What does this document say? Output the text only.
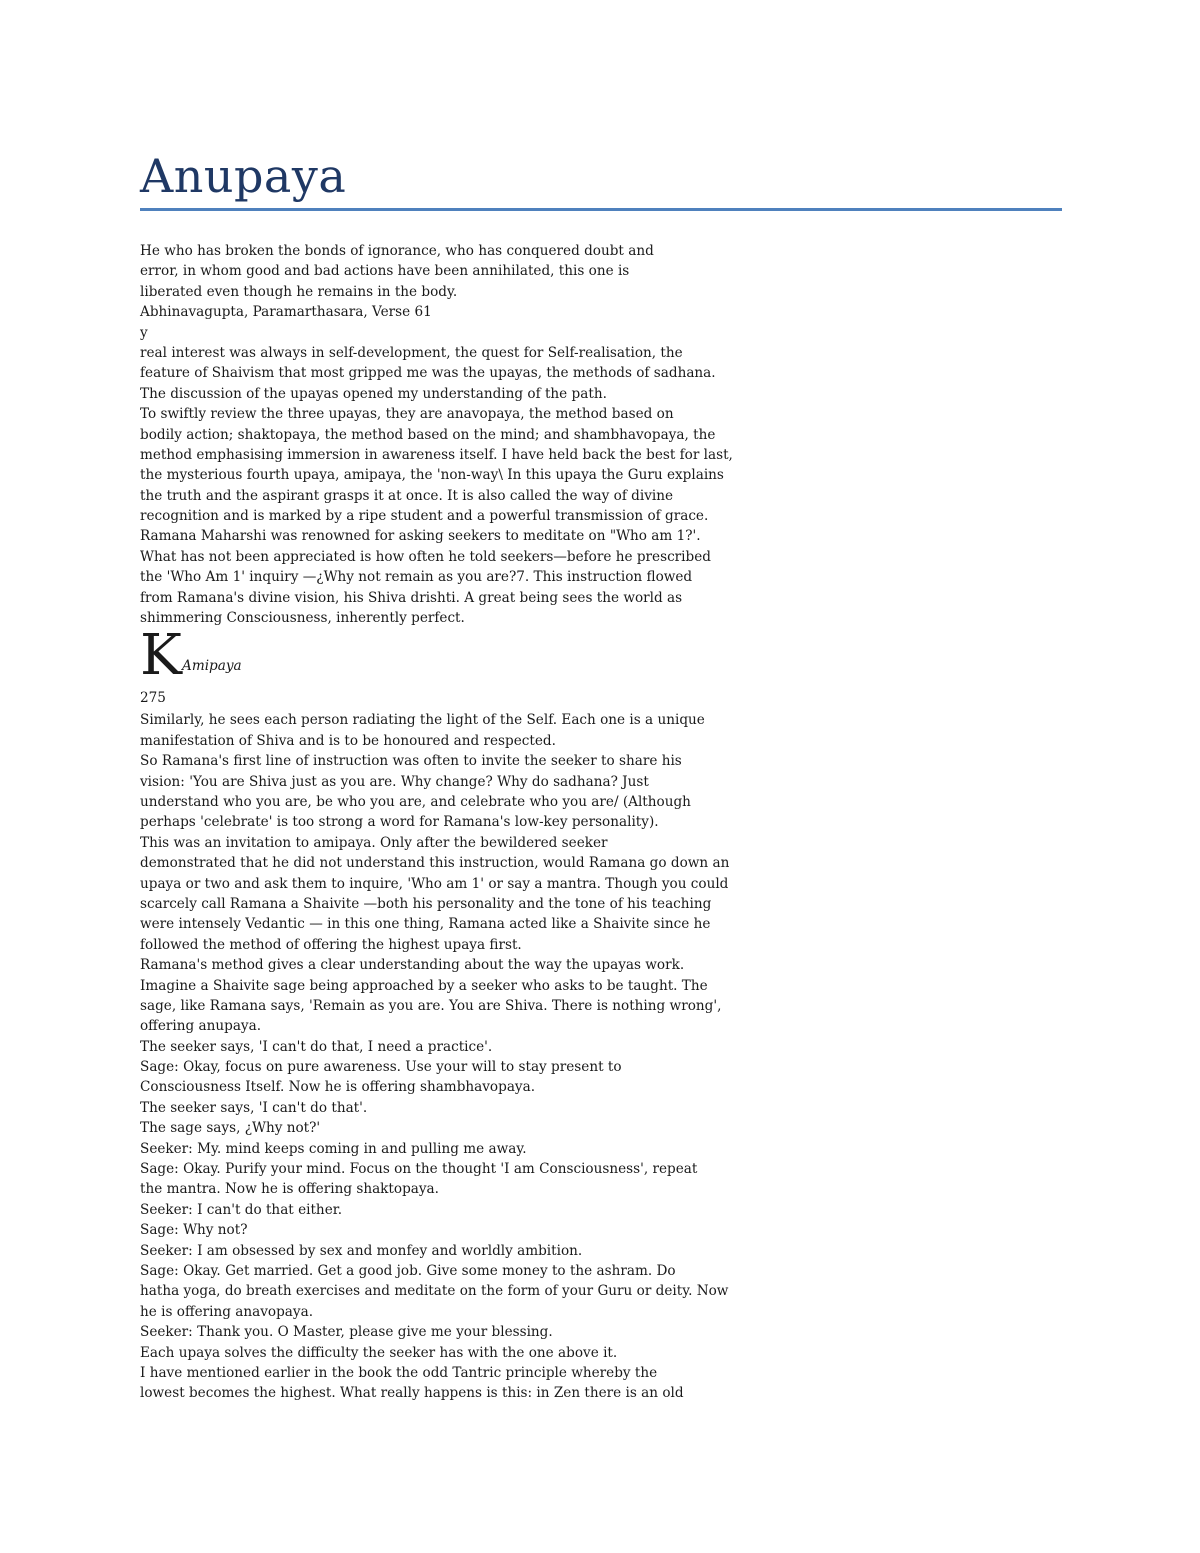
Anupaya
He who has broken the bonds of ignorance, who has conquered doubt and
error, in whom good and bad actions have been annihilated, this one is
liberated even though he remains in the body.
Abhinavagupta, Paramarthasara, Verse 61
y
real interest was always in self-development, the quest for Self-realisation, the
feature of Shaivism that most gripped me was the upayas, the methods of sadhana.
The discussion of the upayas opened my understanding of the path.
To swiftly review the three upayas, they are anavopaya, the method based on
bodily action; shaktopaya, the method based on the mind; and shambhavopaya, the
method emphasising immersion in awareness itself. I have held back the best for last,
the mysterious fourth upaya, amipaya, the 'non-way\ In this upaya the Guru explains
the truth and the aspirant grasps it at once. It is also called the way of divine
recognition and is marked by a ripe student and a powerful transmission of grace.
Ramana Maharshi was renowned for asking seekers to meditate on "Who am 1?'.
What has not been appreciated is how often he told seekers—before he prescribed
the 'Who Am 1' inquiry —¿Why not remain as you are?7. This instruction flowed
from Ramana's divine vision, his Shiva drishti. A great being sees the world as
shimmering Consciousness, inherently perfect.
K Amipaya
275
Similarly, he sees each person radiating the light of the Self. Each one is a unique
manifestation of Shiva and is to be honoured and respected.
So Ramana's first line of instruction was often to invite the seeker to share his
vision: 'You are Shiva just as you are. Why change? Why do sadhana? Just
understand who you are, be who you are, and celebrate who you are/ (Although
perhaps 'celebrate' is too strong a word for Ramana's low-key personality).
This was an invitation to amipaya. Only after the bewildered seeker
demonstrated that he did not understand this instruction, would Ramana go down an
upaya or two and ask them to inquire, 'Who am 1' or say a mantra. Though you could
scarcely call Ramana a Shaivite —both his personality and the tone of his teaching
were intensely Vedantic — in this one thing, Ramana acted like a Shaivite since he
followed the method of offering the highest upaya first.
Ramana's method gives a clear understanding about the way the upayas work.
Imagine a Shaivite sage being approached by a seeker who asks to be taught. The
sage, like Ramana says, 'Remain as you are. You are Shiva. There is nothing wrong',
offering anupaya.
The seeker says, 'I can't do that, I need a practice'.
Sage: Okay, focus on pure awareness. Use your will to stay present to
Consciousness Itself. Now he is offering shambhavopaya.
The seeker says, 'I can't do that'.
The sage says, ¿Why not?'
Seeker: My. mind keeps coming in and pulling me away.
Sage: Okay. Purify your mind. Focus on the thought 'I am Consciousness', repeat
the mantra. Now he is offering shaktopaya.
Seeker: I can't do that either.
Sage: Why not?
Seeker: I am obsessed by sex and monfey and worldly ambition.
Sage: Okay. Get married. Get a good job. Give some money to the ashram. Do
hatha yoga, do breath exercises and meditate on the form of your Guru or deity. Now
he is offering anavopaya.
Seeker: Thank you. O Master, please give me your blessing.
Each upaya solves the difficulty the seeker has with the one above it.
I have mentioned earlier in the book the odd Tantric principle whereby the
lowest becomes the highest. What really happens is this: in Zen there is an old
